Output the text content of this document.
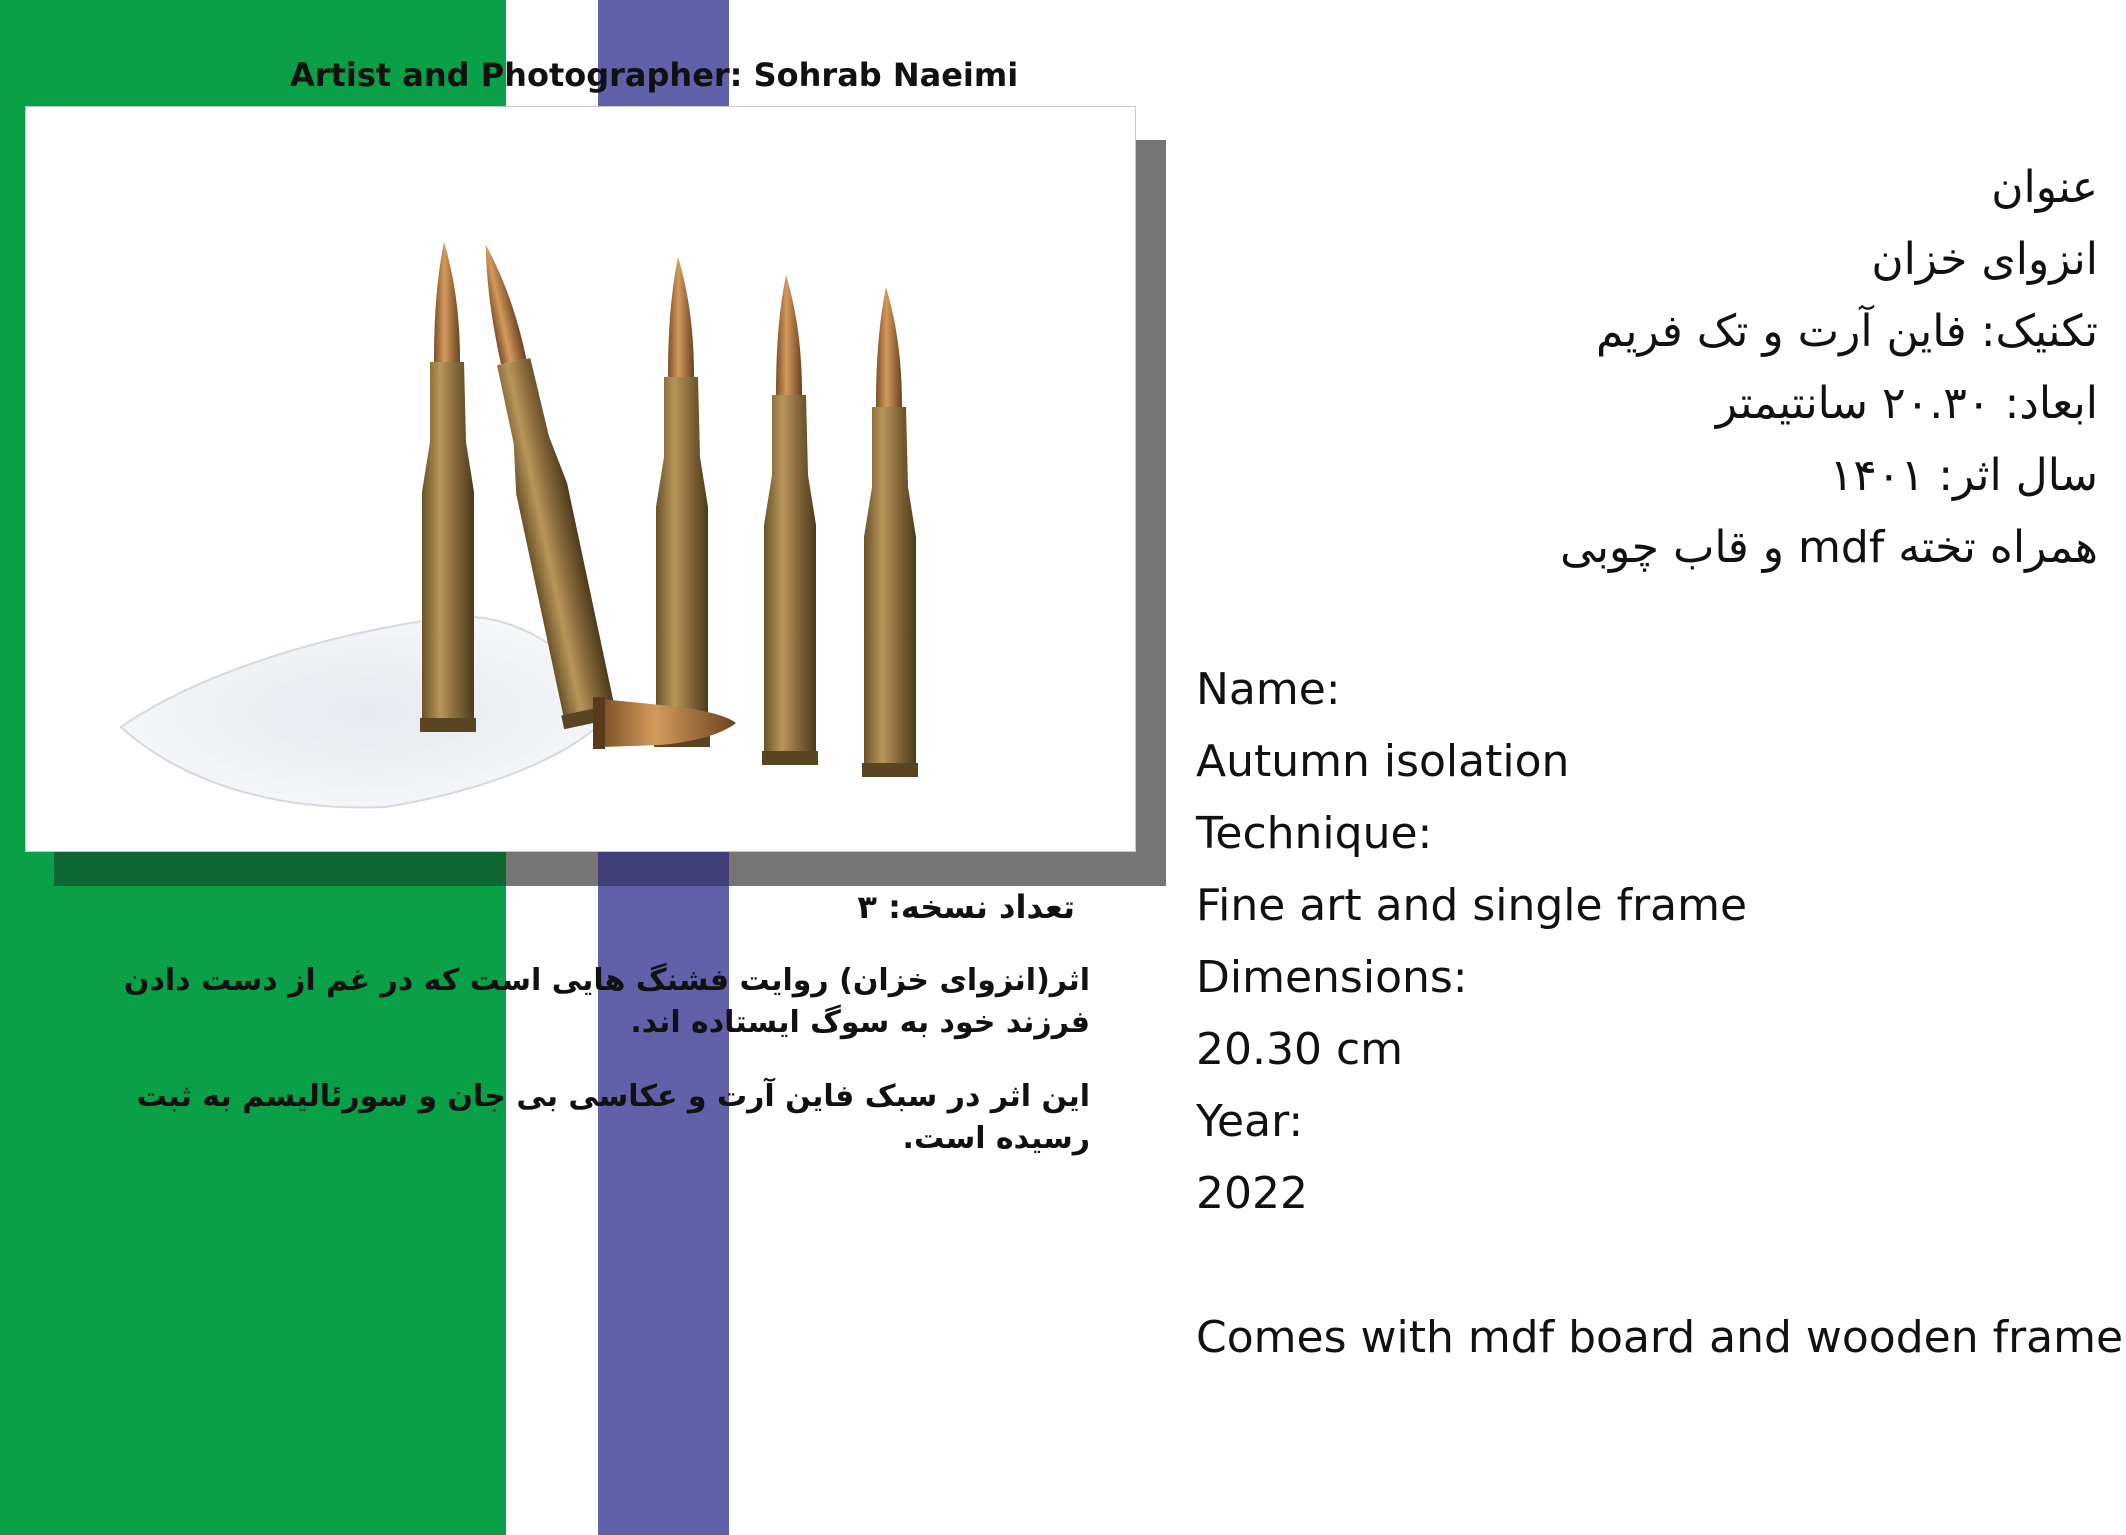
Artist and Photographer: Sohrab Naeimi
تعداد نسخه: ۳
اثر(انزوای خزان) روایت فشنگ هایی است که در غم از دست دادن فرزند خود به سوگ ایستاده اند.
این اثر در سبک فاین آرت و عکاسی بی جان و سورئالیسم به ثبت رسیده است.
عنوان
انزوای خزان
تکنیک: فاین آرت و تک فریم
ابعاد: ۲۰.۳۰ سانتیمتر
سال اثر: ۱۴۰۱
همراه تخته mdf و قاب چوبی
Name:
Autumn isolation
Technique:
Fine art and single frame
Dimensions:
20.30 cm
Year:
2022
Comes with mdf board and wooden frame
